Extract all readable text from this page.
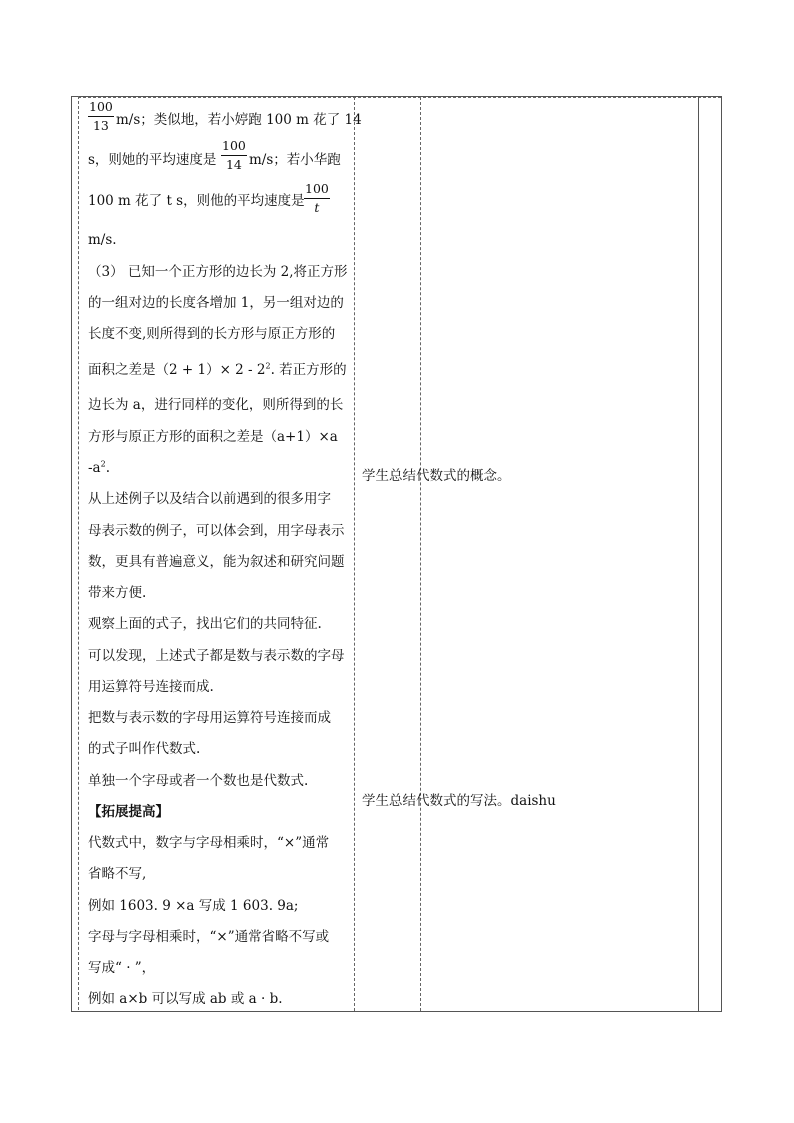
$\frac{100}{13} m/s$；类似地，若小婷跑 100 m 花了 14
s，则她的平均速度是 $\frac{100}{14} m/s$；若小华跑
100 m 花了 t s，则他的平均速度是 $\frac{100}{t}$
m/s.
（3） 已知一个正方形的边长为 2,将正方形
的一组对边的长度各增加 1，另一组对边的
长度不变,则所得到的长方形与原正方形的
面积之差是$(2 + 1)\times 2 - 2^2$. 若正方形的
边长为 a，进行同样的变化，则所得到的长
方形与原正方形的面积之差是（a+1）×a
$-a^2$.
从上述例子以及结合以前遇到的很多用字
母表示数的例子，可以体会到，用字母表示
数，更具有普遍意义，能为叙述和研究问题
带来方便.
观察上面的式子，找出它们的共同特征.
可以发现，上述式子都是数与表示数的字母
用运算符号连接而成.
把数与表示数的字母用运算符号连接而成
的式子叫作代数式.
单独一个字母或者一个数也是代数式.
【拓展提高】
代数式中，数字与字母相乘时，“×”通常
省略不写,
例如 1603. 9 ×a 写成 1 603. 9a;
字母与字母相乘时，“×”通常省略不写或
写成“ · ”，
例如 a×b 可以写成 ab 或 a · b.
学生总结代数式的概念。
学生总结代数式的写法。daishu
